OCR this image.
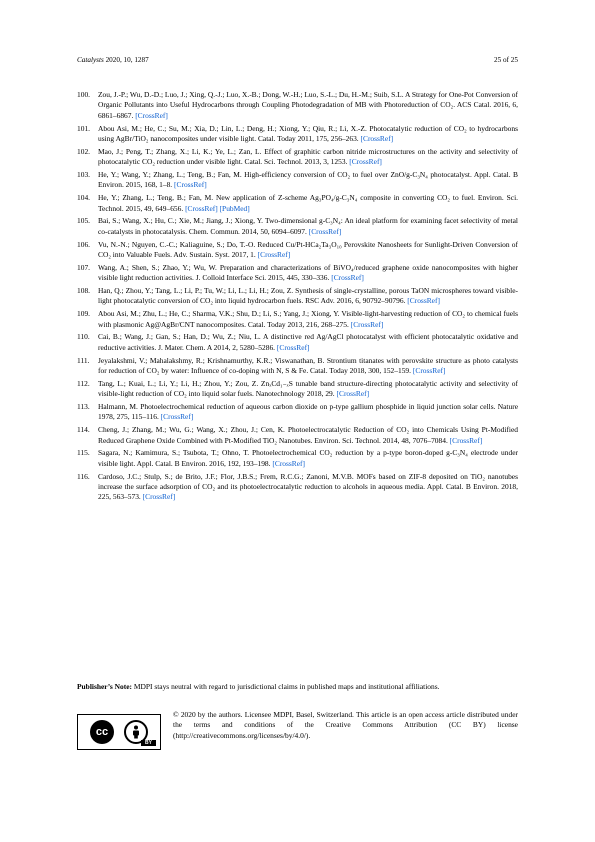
Catalysts 2020, 10, 1287	25 of 25
100.	Zou, J.-P.; Wu, D.-D.; Luo, J.; Xing, Q.-J.; Luo, X.-B.; Dong, W.-H.; Luo, S.-L.; Du, H.-M.; Suib, S.L. A Strategy for One-Pot Conversion of Organic Pollutants into Useful Hydrocarbons through Coupling Photodegradation of MB with Photoreduction of CO₂. ACS Catal. 2016, 6, 6861–6867. [CrossRef]
101.	Abou Asi, M.; He, C.; Su, M.; Xia, D.; Lin, L.; Deng, H.; Xiong, Y.; Qiu, R.; Li, X.-Z. Photocatalytic reduction of CO₂ to hydrocarbons using AgBr/TiO₂ nanocomposites under visible light. Catal. Today 2011, 175, 256–263. [CrossRef]
102.	Mao, J.; Peng, T.; Zhang, X.; Li, K.; Ye, L.; Zan, L. Effect of graphitic carbon nitride microstructures on the activity and selectivity of photocatalytic CO₂ reduction under visible light. Catal. Sci. Technol. 2013, 3, 1253. [CrossRef]
103.	He, Y.; Wang, Y.; Zhang, L.; Teng, B.; Fan, M. High-efficiency conversion of CO₂ to fuel over ZnO/g-C₃N₄ photocatalyst. Appl. Catal. B Environ. 2015, 168, 1–8. [CrossRef]
104.	He, Y.; Zhang, L.; Teng, B.; Fan, M. New application of Z-scheme Ag₃PO₄/g-C₃N₄ composite in converting CO₂ to fuel. Environ. Sci. Technol. 2015, 49, 649–656. [CrossRef] [PubMed]
105.	Bai, S.; Wang, X.; Hu, C.; Xie, M.; Jiang, J.; Xiong, Y. Two-dimensional g-C₃N₄: An ideal platform for examining facet selectivity of metal co-catalysts in photocatalysis. Chem. Commun. 2014, 50, 6094–6097. [CrossRef]
106.	Vu, N.-N.; Nguyen, C.-C.; Kaliaguine, S.; Do, T.-O. Reduced Cu/Pt-HCa₂Ta₃O₁₀ Perovskite Nanosheets for Sunlight-Driven Conversion of CO₂ into Valuable Fuels. Adv. Sustain. Syst. 2017, 1. [CrossRef]
107.	Wang, A.; Shen, S.; Zhao, Y.; Wu, W. Preparation and characterizations of BiVO₄/reduced graphene oxide nanocomposites with higher visible light reduction activities. J. Colloid Interface Sci. 2015, 445, 330–336. [CrossRef]
108.	Han, Q.; Zhou, Y.; Tang, L.; Li, P.; Tu, W.; Li, L.; Li, H.; Zou, Z. Synthesis of single-crystalline, porous TaON microspheres toward visible-light photocatalytic conversion of CO₂ into liquid hydrocarbon fuels. RSC Adv. 2016, 6, 90792–90796. [CrossRef]
109.	Abou Asi, M.; Zhu, L.; He, C.; Sharma, V.K.; Shu, D.; Li, S.; Yang, J.; Xiong, Y. Visible-light-harvesting reduction of CO₂ to chemical fuels with plasmonic Ag@AgBr/CNT nanocomposites. Catal. Today 2013, 216, 268–275. [CrossRef]
110.	Cai, B.; Wang, J.; Gan, S.; Han, D.; Wu, Z.; Niu, L. A distinctive red Ag/AgCl photocatalyst with efficient photocatalytic oxidative and reductive activities. J. Mater. Chem. A 2014, 2, 5280–5286. [CrossRef]
111.	Jeyalakshmi, V.; Mahalakshmy, R.; Krishnamurthy, K.R.; Viswanathan, B. Strontium titanates with perovskite structure as photo catalysts for reduction of CO₂ by water: Influence of co-doping with N, S & Fe. Catal. Today 2018, 300, 152–159. [CrossRef]
112.	Tang, L.; Kuai, L.; Li, Y.; Li, H.; Zhou, Y.; Zou, Z. ZnₓCd₁₋ₓS tunable band structure-directing photocatalytic activity and selectivity of visible-light reduction of CO₂ into liquid solar fuels. Nanotechnology 2018, 29. [CrossRef]
113.	Halmann, M. Photoelectrochemical reduction of aqueous carbon dioxide on p-type gallium phosphide in liquid junction solar cells. Nature 1978, 275, 115–116. [CrossRef]
114.	Cheng, J.; Zhang, M.; Wu, G.; Wang, X.; Zhou, J.; Cen, K. Photoelectrocatalytic Reduction of CO₂ into Chemicals Using Pt-Modified Reduced Graphene Oxide Combined with Pt-Modified TiO₂ Nanotubes. Environ. Sci. Technol. 2014, 48, 7076–7084. [CrossRef]
115.	Sagara, N.; Kamimura, S.; Tsubota, T.; Ohno, T. Photoelectrochemical CO₂ reduction by a p-type boron-doped g-C₃N₄ electrode under visible light. Appl. Catal. B Environ. 2016, 192, 193–198. [CrossRef]
116.	Cardoso, J.C.; Stulp, S.; de Brito, J.F.; Flor, J.B.S.; Frem, R.C.G.; Zanoni, M.V.B. MOFs based on ZIF-8 deposited on TiO₂ nanotubes increase the surface adsorption of CO₂ and its photoelectrocatalytic reduction to alcohols in aqueous media. Appl. Catal. B Environ. 2018, 225, 563–573. [CrossRef]
Publisher’s Note: MDPI stays neutral with regard to jurisdictional claims in published maps and institutional affiliations.
cc
BY
© 2020 by the authors. Licensee MDPI, Basel, Switzerland. This article is an open access article distributed under the terms and conditions of the Creative Commons Attribution (CC BY) license (http://creativecommons.org/licenses/by/4.0/).
